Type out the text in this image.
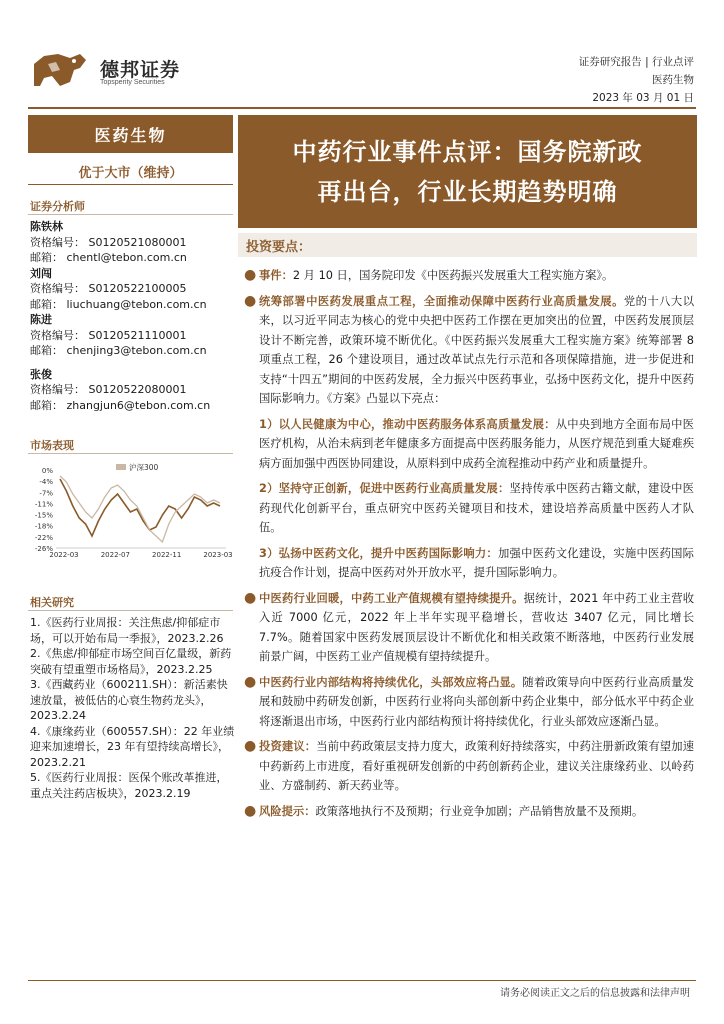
德邦证券
Topsperity Securities
证券研究报告 | 行业点评
医药生物
2023 年 03 月 01 日
医药生物
优于大市（维持）
证券分析师
陈铁林
资格编号： S0120521080001
邮箱： chentl@tebon.com.cn
刘闯
资格编号： S0120522100005
邮箱： liuchuang@tebon.com.cn
陈进
资格编号： S0120521110001
邮箱： chenjing3@tebon.com.cn
张俊
资格编号： S0120522080001
邮箱： zhangjun6@tebon.com.cn
市场表现
0%
-4%
-7%
-11%
-15%
-18%
-22%
-26%
2022-03	2022-07	2022-11	2023-03
沪深300
相关研究
1.《医药行业周报：关注焦虑/抑郁症市场，可以开始布局一季报》，2023.2.26
2.《焦虑/抑郁症市场空间百亿量级，新药突破有望重塑市场格局》，2023.2.25
3.《西藏药业（600211.SH）：新活素快速放量，被低估的心衰生物药龙头》，2023.2.24
4.《康缘药业（600557.SH）：22 年业绩迎来加速增长，23 年有望持续高增长》，2023.2.21
5.《医药行业周报：医保个账改革推进，重点关注药店板块》，2023.2.19
中药行业事件点评：国务院新政
再出台，行业长期趋势明确
投资要点：
● 事件：2 月 10 日，国务院印发《中医药振兴发展重大工程实施方案》。
● 统筹部署中医药发展重点工程，全面推动保障中医药行业高质量发展。党的十八大以来，以习近平同志为核心的党中央把中医药工作摆在更加突出的位置，中医药发展顶层设计不断完善，政策环境不断优化。《中医药振兴发展重大工程实施方案》统筹部署 8 项重点工程，26 个建设项目，通过改革试点先行示范和各项保障措施，进一步促进和支持“十四五”期间的中医药发展，全力振兴中医药事业，弘扬中医药文化，提升中医药国际影响力。《方案》凸显以下亮点：
1）以人民健康为中心，推动中医药服务体系高质量发展：从中央到地方全面布局中医医疗机构，从治未病到老年健康多方面提高中医药服务能力，从医疗规范到重大疑难疾病方面加强中西医协同建设，从原料到中成药全流程推动中药产业和质量提升。
2）坚持守正创新，促进中医药行业高质量发展：坚持传承中医药古籍文献，建设中医药现代化创新平台，重点研究中医药关键项目和技术，建设培养高质量中医药人才队伍。
3）弘扬中医药文化，提升中医药国际影响力：加强中医药文化建设，实施中医药国际抗疫合作计划，提高中医药对外开放水平，提升国际影响力。
● 中医药行业回暖，中药工业产值规模有望持续提升。据统计，2021 年中药工业主营收入近 7000 亿元，2022 年上半年实现平稳增长，营收达 3407 亿元，同比增长 7.7%。随着国家中医药发展顶层设计不断优化和相关政策不断落地，中医药行业发展前景广阔，中医药工业产值规模有望持续提升。
● 中医药行业内部结构将持续优化，头部效应将凸显。随着政策导向中医药行业高质量发展和鼓励中药研发创新，中医药行业将向头部创新中药企业集中，部分低水平中药企业将逐渐退出市场，中医药行业内部结构预计将持续优化，行业头部效应逐渐凸显。
● 投资建议：当前中药政策层支持力度大，政策利好持续落实，中药注册新政策有望加速中药新药上市进度，看好重视研发创新的中药创新药企业，建议关注康缘药业、以岭药业、方盛制药、新天药业等。
● 风险提示：政策落地执行不及预期；行业竞争加剧；产品销售放量不及预期。
请务必阅读正文之后的信息披露和法律声明
